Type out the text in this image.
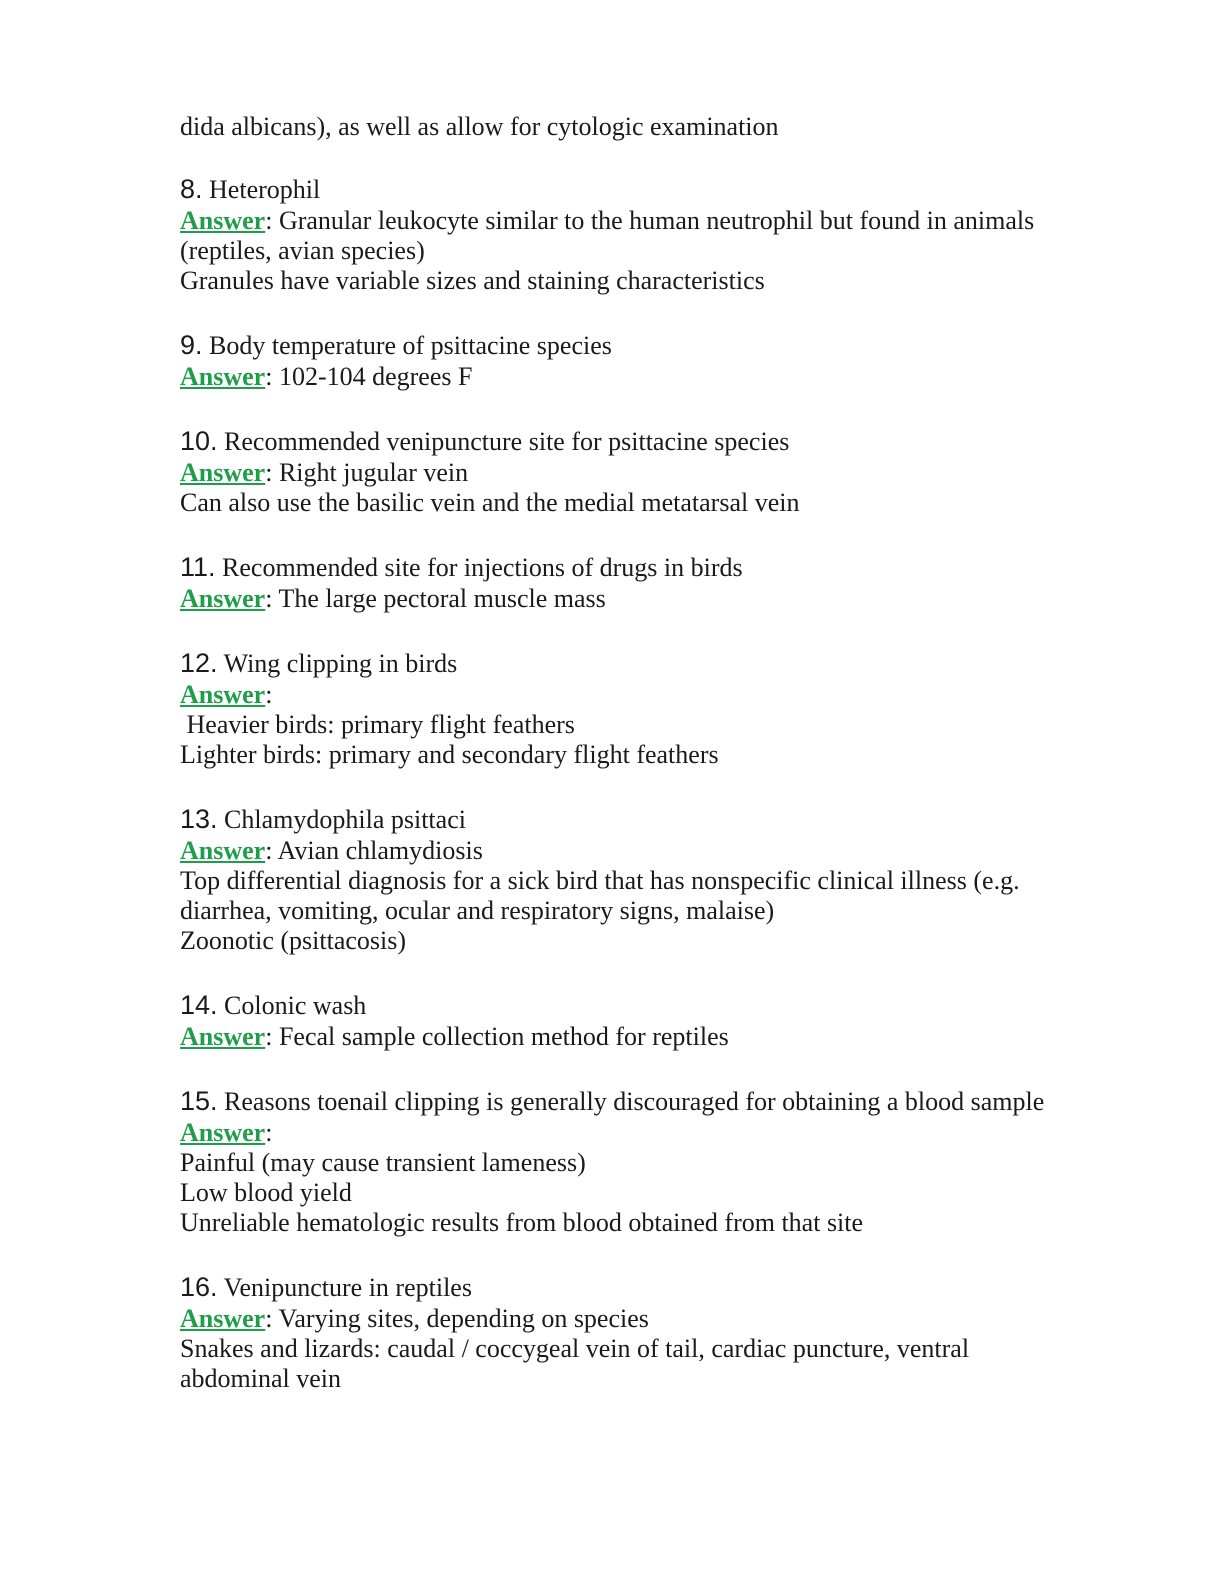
dida albicans), as well as allow for cytologic examination

8. Heterophil

Answer: Granular leukocyte similar to the human neutrophil but found in animals

(reptiles, avian species)

Granules have variable sizes and staining characteristics

9. Body temperature of psittacine species

Answer: 102-104 degrees F

10. Recommended venipuncture site for psittacine species

Answer: Right jugular vein

Can also use the basilic vein and the medial metatarsal vein

11. Recommended site for injections of drugs in birds

Answer: The large pectoral muscle mass

12. Wing clipping in birds

Answer:

Heavier birds: primary flight feathers

Lighter birds: primary and secondary flight feathers

13. Chlamydophila psittaci

Answer: Avian chlamydiosis

Top differential diagnosis for a sick bird that has nonspecific clinical illness (e.g.

diarrhea, vomiting, ocular and respiratory signs, malaise)

Zoonotic (psittacosis)

14. Colonic wash

Answer: Fecal sample collection method for reptiles

15. Reasons toenail clipping is generally discouraged for obtaining a blood sample

Answer:

Painful (may cause transient lameness)

Low blood yield

Unreliable hematologic results from blood obtained from that site

16. Venipuncture in reptiles

Answer: Varying sites, depending on species

Snakes and lizards: caudal / coccygeal vein of tail, cardiac puncture, ventral

abdominal vein
